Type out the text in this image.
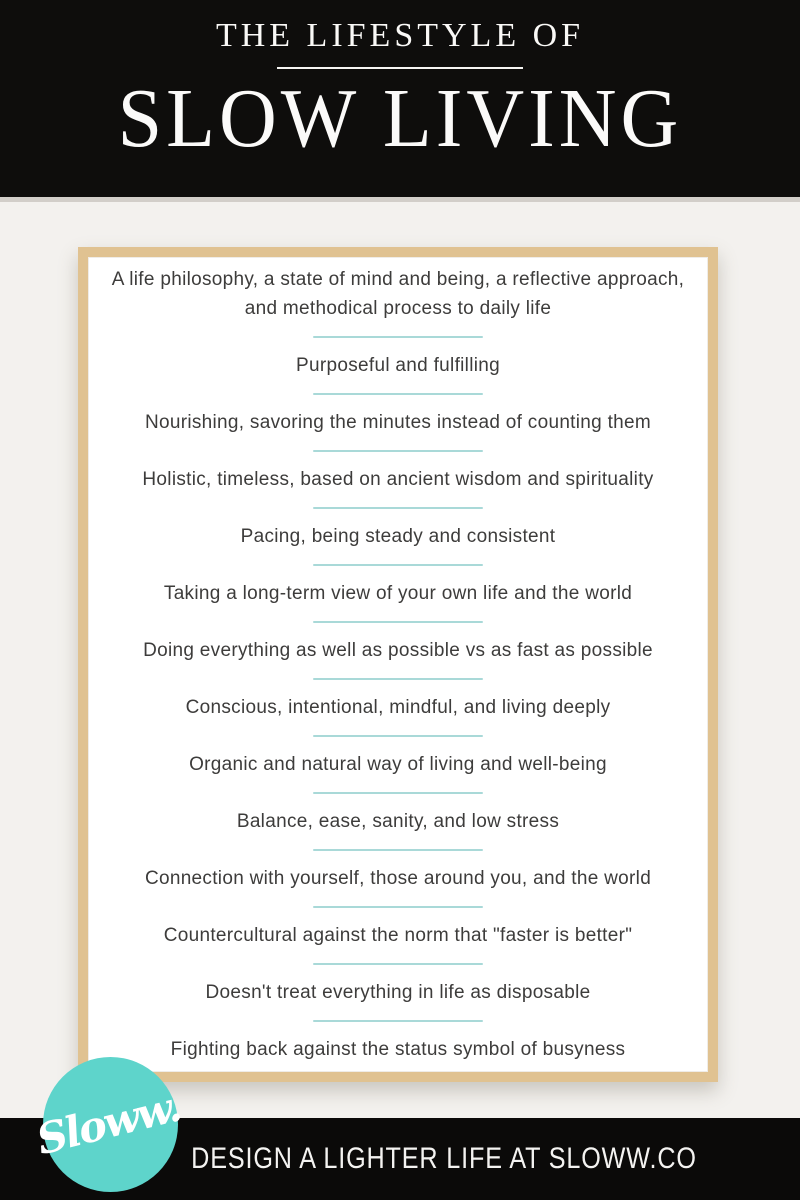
THE LIFESTYLE OF
SLOW LIVING
A life philosophy, a state of mind and being, a reflective approach, and methodical process to daily life
Purposeful and fulfilling
Nourishing, savoring the minutes instead of counting them
Holistic, timeless, based on ancient wisdom and spirituality
Pacing, being steady and consistent
Taking a long-term view of your own life and the world
Doing everything as well as possible vs as fast as possible
Conscious, intentional, mindful, and living deeply
Organic and natural way of living and well-being
Balance, ease, sanity, and low stress
Connection with yourself, those around you, and the world
Countercultural against the norm that "faster is better"
Doesn't treat everything in life as disposable
Fighting back against the status symbol of busyness
Sloww. DESIGN A LIGHTER LIFE AT SLOWW.CO
